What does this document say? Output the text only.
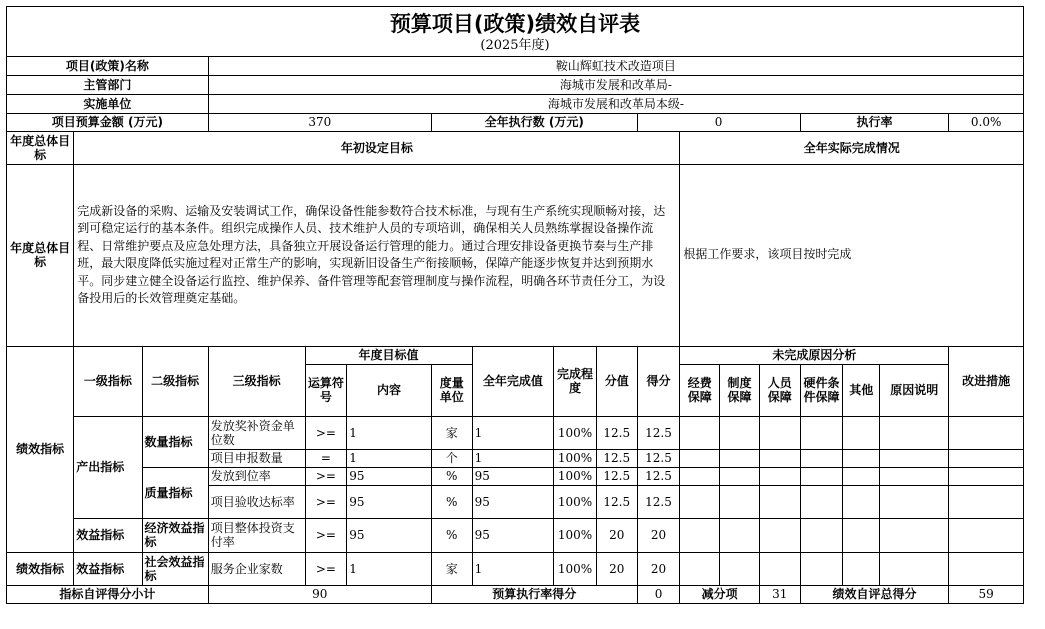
预算项目(政策)绩效自评表																	
(2025年度)																	
项目(政策)名称			鞍山辉虹技术改造项目														
主管部门			海城市发展和改革局-														
实施单位			海城市发展和改革局本级-														
项目预算金额 (万元)			370			全年执行数 (万元)				0				执行率			0.0%
年度总体目标	年初设定目标										全年实际完成情况						
年度总体目标	完成新设备的采购、运输及安装调试工作，确保设备性能参数符合技术标准，与现有生产系统实现顺畅对接，达到可稳定运行的基本条件。组织完成操作人员、技术维护人员的专项培训，确保相关人员熟练掌握设备操作流程、日常维护要点及应急处理方法，具备独立开展设备运行管理的能力。通过合理安排设备更换节奏与生产排班，最大限度降低实施过程对正常生产的影响，实现新旧设备生产衔接顺畅，保障产能逐步恢复并达到预期水平。同步建立健全设备运行监控、维护保养、备件管理等配套管理制度与操作流程，明确各环节责任分工，为设备投用后的长效管理奠定基础。										根据工作要求，该项目按时完成						
绩效指标	一级指标	二级指标	三级指标	年度目标值			全年完成值	完成程度	分值	得分	未完成原因分析						改进措施
				运算符号	内容	度量单位					经费保障	制度保障	人员保障	硬件条件保障	其他	原因说明	
	产出指标	数量指标	发放奖补资金单位数	>=	1	家	1	100%	12.5	12.5							
			项目申报数量	=	1	个	1	100%	12.5	12.5							
		质量指标	发放到位率	>=	95	%	95	100%	12.5	12.5							
			项目验收达标率	>=	95	%	95	100%	12.5	12.5							
	效益指标	经济效益指标	项目整体投资支付率	>=	95	%	95	100%	20	20							
绩效指标	效益指标	社会效益指标	服务企业家数	>=	1	家	1	100%	20	20							
指标自评得分小计			90			预算执行率得分				0	减分项		31	绩效自评总得分			59
